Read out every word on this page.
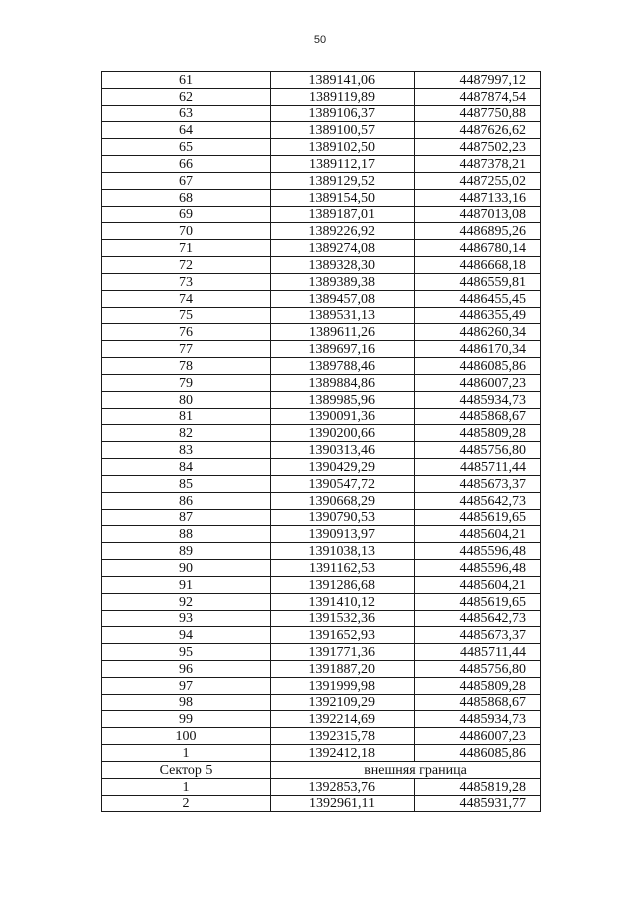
50
61	1389141,06	4487997,12
62	1389119,89	4487874,54
63	1389106,37	4487750,88
64	1389100,57	4487626,62
65	1389102,50	4487502,23
66	1389112,17	4487378,21
67	1389129,52	4487255,02
68	1389154,50	4487133,16
69	1389187,01	4487013,08
70	1389226,92	4486895,26
71	1389274,08	4486780,14
72	1389328,30	4486668,18
73	1389389,38	4486559,81
74	1389457,08	4486455,45
75	1389531,13	4486355,49
76	1389611,26	4486260,34
77	1389697,16	4486170,34
78	1389788,46	4486085,86
79	1389884,86	4486007,23
80	1389985,96	4485934,73
81	1390091,36	4485868,67
82	1390200,66	4485809,28
83	1390313,46	4485756,80
84	1390429,29	4485711,44
85	1390547,72	4485673,37
86	1390668,29	4485642,73
87	1390790,53	4485619,65
88	1390913,97	4485604,21
89	1391038,13	4485596,48
90	1391162,53	4485596,48
91	1391286,68	4485604,21
92	1391410,12	4485619,65
93	1391532,36	4485642,73
94	1391652,93	4485673,37
95	1391771,36	4485711,44
96	1391887,20	4485756,80
97	1391999,98	4485809,28
98	1392109,29	4485868,67
99	1392214,69	4485934,73
100	1392315,78	4486007,23
1	1392412,18	4486085,86
Сектор 5	внешняя граница	
1	1392853,76	4485819,28
2	1392961,11	4485931,77
